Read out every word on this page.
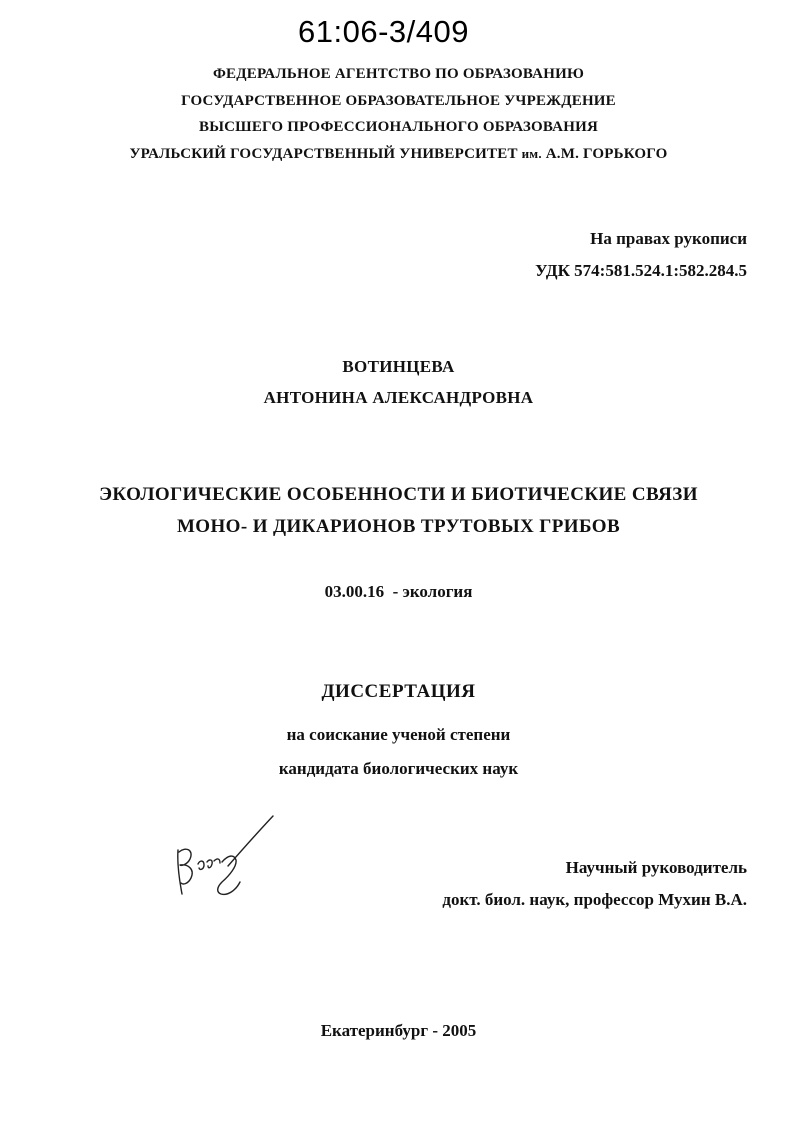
61:06-3/409
ФЕДЕРАЛЬНОЕ АГЕНТСТВО ПО ОБРАЗОВАНИЮ
ГОСУДАРСТВЕННОЕ ОБРАЗОВАТЕЛЬНОЕ УЧРЕЖДЕНИЕ
ВЫСШЕГО ПРОФЕССИОНАЛЬНОГО ОБРАЗОВАНИЯ
УРАЛЬСКИЙ ГОСУДАРСТВЕННЫЙ УНИВЕРСИТЕТ им. А.М. ГОРЬКОГО
На правах рукописи
УДК 574:581.524.1:582.284.5
ВОТИНЦЕВА
АНТОНИНА АЛЕКСАНДРОВНА
ЭКОЛОГИЧЕСКИЕ ОСОБЕННОСТИ И БИОТИЧЕСКИЕ СВЯЗИ
МОНО- И ДИКАРИОНОВ ТРУТОВЫХ ГРИБОВ
03.00.16  - экология
ДИССЕРТАЦИЯ
на соискание ученой степени
кандидата биологических наук
Научный руководитель
докт. биол. наук, профессор Мухин В.А.
Екатеринбург - 2005
